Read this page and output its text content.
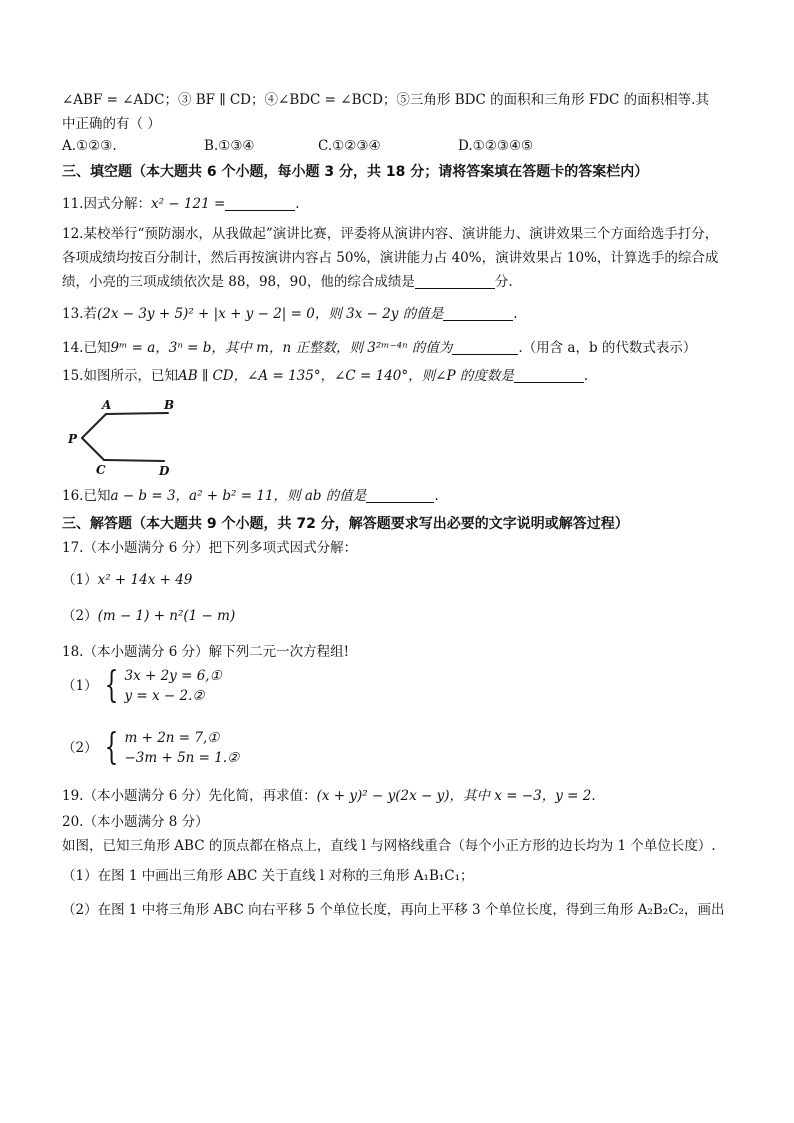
∠ABF = ∠ADC；③ BF ∥ CD；④∠BDC = ∠BCD；⑤三角形 BDC 的面积和三角形 FDC 的面积相等.其
中正确的有（ ）
A.①②③.	B.①③④	C.①②③④	D.①②③④⑤
三、填空题（本大题共 6 个小题，每小题 3 分，共 18 分；请将答案填在答题卡的答案栏内）
11.因式分解：x² − 121 =	.
12.某校举行“预防溺水，从我做起”演讲比赛，评委将从演讲内容、演讲能力、演讲效果三个方面给选手打分，
各项成绩均按百分制计，然后再按演讲内容占 50%，演讲能力占 40%，演讲效果占 10%，计算选手的综合成
绩，小亮的三项成绩依次是 88，98，90，他的综合成绩是	分.
13.若(2x − 3y + 5)² + |x + y − 2| = 0，则 3x − 2y 的值是	.
14.已知9ᵐ = a，3ⁿ = b，其中 m，n 正整数，则 3²ᵐ⁻⁴ⁿ 的值为	.（用含 a，b 的代数式表示）
15.如图所示，已知AB ∥ CD，∠A = 135°，∠C = 140°，则∠P 的度数是	.
A	B
P
C	D
16.已知a − b = 3，a² + b² = 11，则 ab 的值是	.
三、解答题（本大题共 9 个小题，共 72 分，解答题要求写出必要的文字说明或解答过程）
17.（本小题满分 6 分）把下列多项式因式分解：
（1）x² + 14x + 49
（2）(m − 1) + n²(1 − m)
18.（本小题满分 6 分）解下列二元一次方程组!
（1） { 3x + 2y = 6,①
y = x − 2.②
（2） { m + 2n = 7,①
−3m + 5n = 1.②
19.（本小题满分 6 分）先化简，再求值：(x + y)² − y(2x − y)，其中 x = −3，y = 2.
20.（本小题满分 8 分）
如图，已知三角形 ABC 的顶点都在格点上，直线 l 与网格线重合（每个小正方形的边长均为 1 个单位长度）.
（1）在图 1 中画出三角形 ABC 关于直线 l 对称的三角形 A₁B₁C₁；
（2）在图 1 中将三角形 ABC 向右平移 5 个单位长度，再向上平移 3 个单位长度，得到三角形 A₂B₂C₂，画出
